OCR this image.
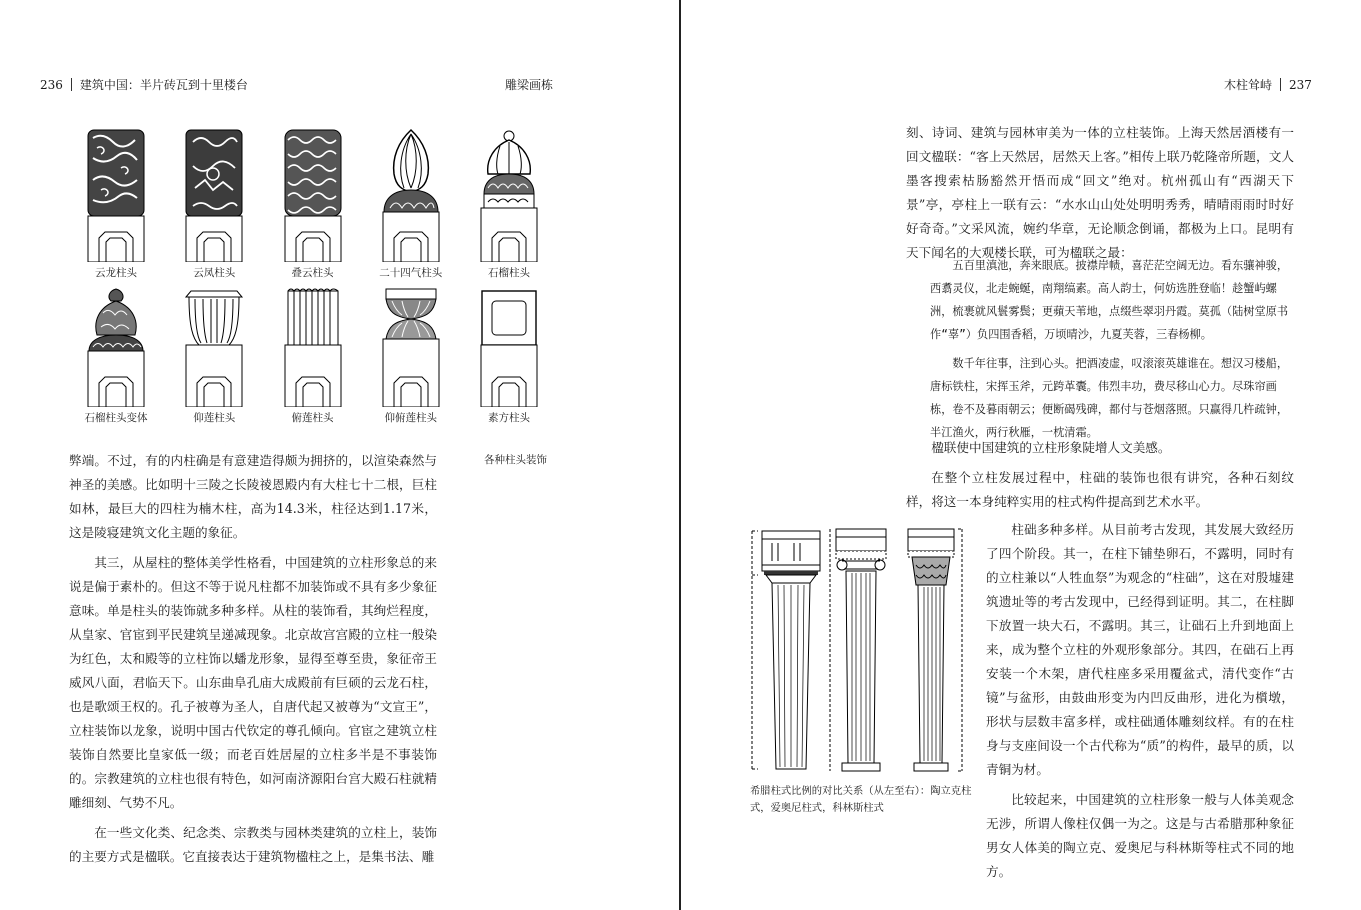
236 建筑中国：半片砖瓦到十里楼台	雕梁画栋
云龙柱头	云凤柱头	叠云柱头	二十四气柱头	石榴柱头
石榴柱头变体	仰莲柱头	俯莲柱头	仰俯莲柱头	素方柱头
各种柱头装饰

弊端。不过，有的内柱确是有意建造得颇为拥挤的，以渲染森然与神圣的美感。比如明十三陵之长陵祾恩殿内有大柱七十二根，巨柱如林，最巨大的四柱为楠木柱，高为14.3米，柱径达到1.17米，这是陵寝建筑文化主题的象征。

其三，从屋柱的整体美学性格看，中国建筑的立柱形象总的来说是偏于素朴的。但这不等于说凡柱都不加装饰或不具有多少象征意味。单是柱头的装饰就多种多样。从柱的装饰看，其绚烂程度，从皇家、官宦到平民建筑呈递减现象。北京故宫宫殿的立柱一般染为红色，太和殿等的立柱饰以蟠龙形象，显得至尊至贵，象征帝王威风八面，君临天下。山东曲阜孔庙大成殿前有巨硕的云龙石柱，也是歌颂王权的。孔子被尊为圣人，自唐代起又被尊为“文宣王”，立柱装饰以龙象，说明中国古代钦定的尊孔倾向。官宦之建筑立柱装饰自然要比皇家低一级；而老百姓居屋的立柱多半是不事装饰的。宗教建筑的立柱也很有特色，如河南济源阳台宫大殿石柱就精雕细刻、气势不凡。

在一些文化类、纪念类、宗教类与园林类建筑的立柱上，装饰的主要方式是楹联。它直接表达于建筑物楹柱之上，是集书法、雕

木柱耸峙 237

刻、诗词、建筑与园林审美为一体的立柱装饰。上海天然居酒楼有一回文楹联：“客上天然居，居然天上客。”相传上联乃乾隆帝所题，文人墨客搜索枯肠豁然开悟而成“回文”绝对。杭州孤山有“西湖天下景”亭，亭柱上一联有云：“水水山山处处明明秀秀，晴晴雨雨时时好好奇奇。”文采风流，婉约华章，无论顺念倒诵，都极为上口。昆明有天下闻名的大观楼长联，可为楹联之最：

五百里滇池，奔来眼底。披襟岸帻，喜茫茫空阔无边。看东骧神骏，西翥灵仪，北走蜿蜒，南翔缟素。高人韵士，何妨选胜登临！趁蟹屿螺洲，梳裹就风鬟雾鬓；更蘋天苇地，点缀些翠羽丹霞。莫孤（陆树堂原书作“辜”）负四围香稻，万顷晴沙，九夏芙蓉，三春杨柳。

数千年往事，注到心头。把酒凌虚，叹滚滚英雄谁在。想汉习楼船，唐标铁柱，宋挥玉斧，元跨革囊。伟烈丰功，费尽移山心力。尽珠帘画栋，卷不及暮雨朝云；便断碣残碑，都付与苍烟落照。只赢得几杵疏钟，半江渔火，两行秋雁，一枕清霜。

楹联使中国建筑的立柱形象陡增人文美感。

在整个立柱发展过程中，柱础的装饰也很有讲究，各种石刻纹样，将这一本身纯粹实用的柱式构件提高到艺术水平。

希腊柱式比例的对比关系（从左至右）：陶立克柱式，爱奥尼柱式，科林斯柱式

柱础多种多样。从目前考古发现，其发展大致经历了四个阶段。其一，在柱下铺垫卵石，不露明，同时有的立柱兼以“人牲血祭”为观念的“柱础”，这在对殷墟建筑遗址等的考古发现中，已经得到证明。其二，在柱脚下放置一块大石，不露明。其三，让础石上升到地面上来，成为整个立柱的外观形象部分。其四，在础石上再安装一个木架，唐代柱座多采用覆盆式，清代变作“古镜”与盆形，由鼓曲形变为内凹反曲形，进化为櫍墩，形状与层数丰富多样，或柱础通体雕刻纹样。有的在柱身与支座间设一个古代称为“质”的构件，最早的质，以青铜为材。

比较起来，中国建筑的立柱形象一般与人体美观念无涉，所谓人像柱仅偶一为之。这是与古希腊那种象征男女人体美的陶立克、爱奥尼与科林斯等柱式不同的地方。
